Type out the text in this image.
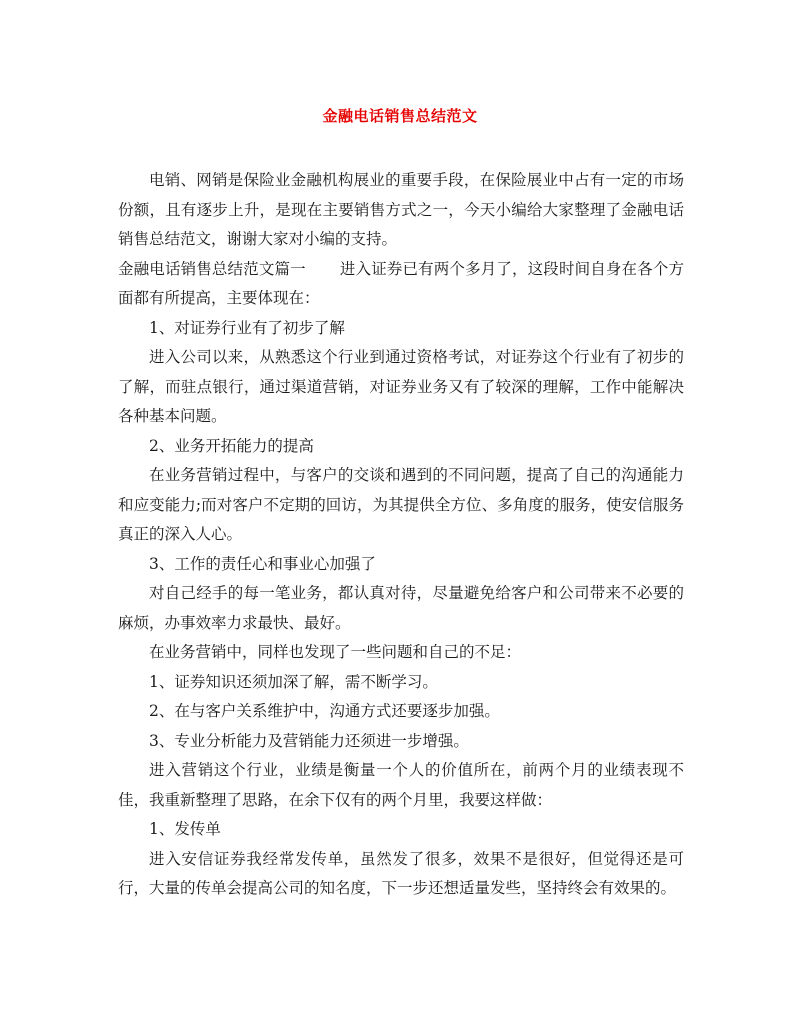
金融电话销售总结范文

电销、网销是保险业金融机构展业的重要手段，在保险展业中占有一定的市场份额，且有逐步上升，是现在主要销售方式之一，今天小编给大家整理了金融电话销售总结范文，谢谢大家对小编的支持。

金融电话销售总结范文篇一 进入证券已有两个多月了，这段时间自身在各个方面都有所提高，主要体现在：

1、对证券行业有了初步了解

进入公司以来，从熟悉这个行业到通过资格考试，对证券这个行业有了初步的了解，而驻点银行，通过渠道营销，对证券业务又有了较深的理解，工作中能解决各种基本问题。

2、业务开拓能力的提高

在业务营销过程中，与客户的交谈和遇到的不同问题，提高了自己的沟通能力和应变能力;而对客户不定期的回访，为其提供全方位、多角度的服务，使安信服务真正的深入人心。

3、工作的责任心和事业心加强了

对自己经手的每一笔业务，都认真对待，尽量避免给客户和公司带来不必要的麻烦，办事效率力求最快、最好。

在业务营销中，同样也发现了一些问题和自己的不足：

1、证券知识还须加深了解，需不断学习。

2、在与客户关系维护中，沟通方式还要逐步加强。

3、专业分析能力及营销能力还须进一步增强。

进入营销这个行业，业绩是衡量一个人的价值所在，前两个月的业绩表现不佳，我重新整理了思路，在余下仅有的两个月里，我要这样做：

1、发传单

进入安信证券我经常发传单，虽然发了很多，效果不是很好，但觉得还是可行，大量的传单会提高公司的知名度，下一步还想适量发些，坚持终会有效果的。
